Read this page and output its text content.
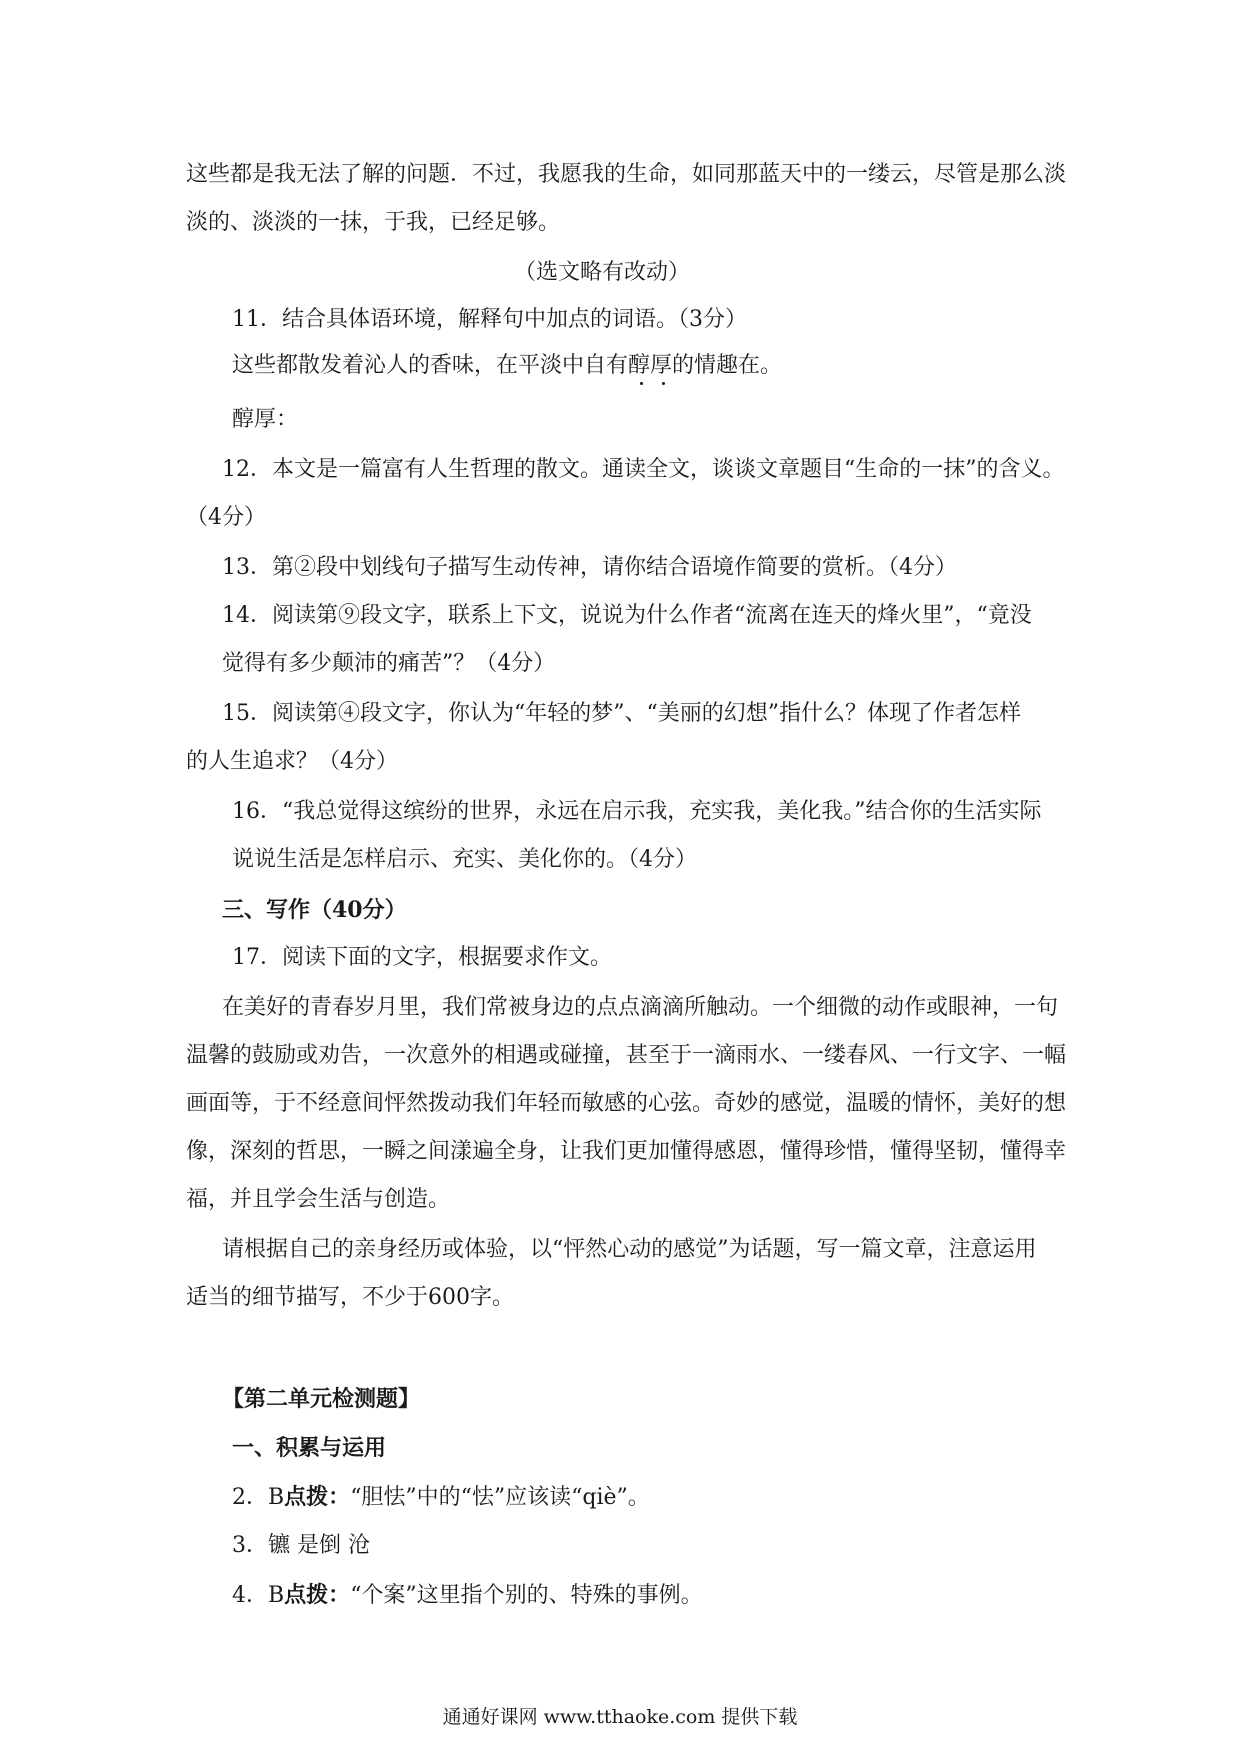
这些都是我无法了解的问题．不过，我愿我的生命，如同那蓝天中的一缕云，尽管是那么淡
淡的、淡淡的一抹，于我，已经足够。
（选文略有改动）
11．结合具体语环境，解释句中加点的词语。（3分）
这些都散发着沁人的香味，在平淡中自有醇厚的情趣在。
醇厚：
12．本文是一篇富有人生哲理的散文。通读全文，谈谈文章题目“生命的一抹”的含义。
（4分）
13．第②段中划线句子描写生动传神，请你结合语境作简要的赏析。（4分）
14．阅读第⑨段文字，联系上下文，说说为什么作者“流离在连天的烽火里”，“竟没
觉得有多少颠沛的痛苦”？（4分）
15．阅读第④段文字，你认为“年轻的梦”、“美丽的幻想”指什么？体现了作者怎样
的人生追求？（4分）
16．“我总觉得这缤纷的世界，永远在启示我，充实我，美化我。”结合你的生活实际
说说生活是怎样启示、充实、美化你的。（4分）
三、写作（40分）
17．阅读下面的文字，根据要求作文。
在美好的青春岁月里，我们常被身边的点点滴滴所触动。一个细微的动作或眼神，一句
温馨的鼓励或劝告，一次意外的相遇或碰撞，甚至于一滴雨水、一缕春风、一行文字、一幅
画面等，于不经意间怦然拨动我们年轻而敏感的心弦。奇妙的感觉，温暖的情怀，美好的想
像，深刻的哲思，一瞬之间漾遍全身，让我们更加懂得感恩，懂得珍惜，懂得坚韧，懂得幸
福，并且学会生活与创造。
请根据自己的亲身经历或体验，以“怦然心动的感觉”为话题，写一篇文章，注意运用
适当的细节描写，不少于600字。
【第二单元检测题】
一、积累与运用
2．B点拨：“胆怯”中的“怯”应该读“qiè”。
3．镳 是倒 沧
4．B点拨：“个案”这里指个别的、特殊的事例。
通通好课网 www.tthaoke.com 提供下载
